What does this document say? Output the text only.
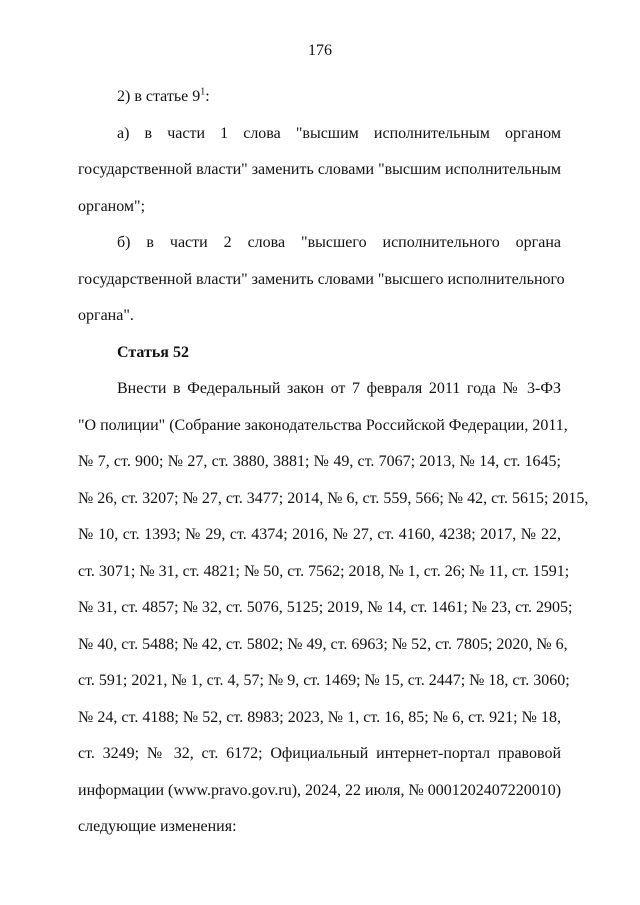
176
2) в статье $9^1$:
а) в части 1 слова "высшим исполнительным органом
государственной власти" заменить словами "высшим исполнительным
органом";
б) в части 2 слова "высшего исполнительного органа
государственной власти" заменить словами "высшего исполнительного
органа".
Статья 52
Внести в Федеральный закон от 7 февраля 2011 года № 3-ФЗ
"О полиции" (Собрание законодательства Российской Федерации, 2011,
№ 7, ст. 900; № 27, ст. 3880, 3881; № 49, ст. 7067; 2013, № 14, ст. 1645;
№ 26, ст. 3207; № 27, ст. 3477; 2014, № 6, ст. 559, 566; № 42, ст. 5615; 2015,
№ 10, ст. 1393; № 29, ст. 4374; 2016, № 27, ст. 4160, 4238; 2017, № 22,
ст. 3071; № 31, ст. 4821; № 50, ст. 7562; 2018, № 1, ст. 26; № 11, ст. 1591;
№ 31, ст. 4857; № 32, ст. 5076, 5125; 2019, № 14, ст. 1461; № 23, ст. 2905;
№ 40, ст. 5488; № 42, ст. 5802; № 49, ст. 6963; № 52, ст. 7805; 2020, № 6,
ст. 591; 2021, № 1, ст. 4, 57; № 9, ст. 1469; № 15, ст. 2447; № 18, ст. 3060;
№ 24, ст. 4188; № 52, ст. 8983; 2023, № 1, ст. 16, 85; № 6, ст. 921; № 18,
ст. 3249; № 32, ст. 6172; Официальный интернет-портал правовой
информации (www.pravo.gov.ru), 2024, 22 июля, № 0001202407220010)
следующие изменения:
